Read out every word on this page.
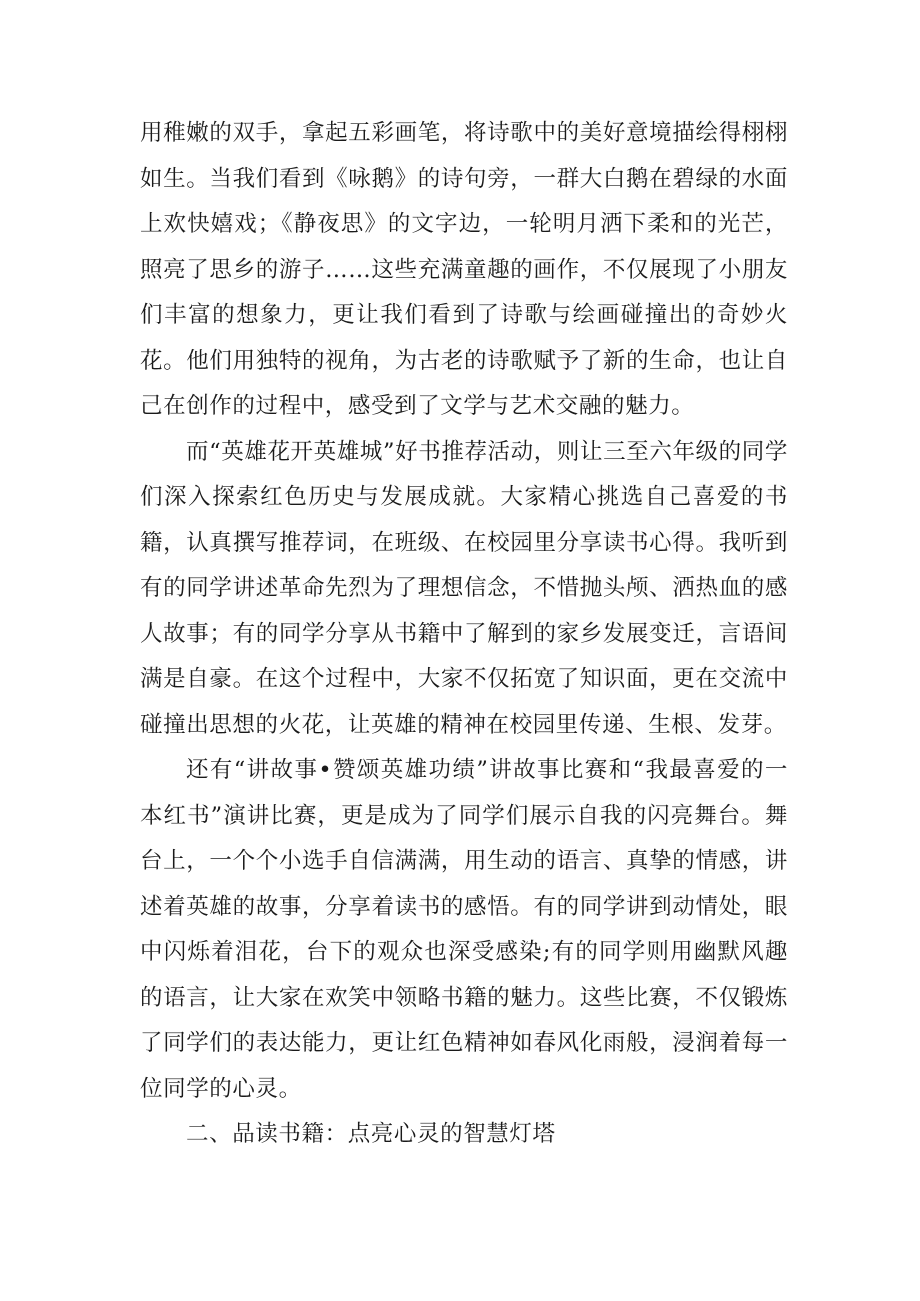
用稚嫩的双手，拿起五彩画笔，将诗歌中的美好意境描绘得栩栩如生。当我们看到《咏鹅》的诗句旁，一群大白鹅在碧绿的水面上欢快嬉戏；《静夜思》的文字边，一轮明月洒下柔和的光芒，照亮了思乡的游子……这些充满童趣的画作，不仅展现了小朋友们丰富的想象力，更让我们看到了诗歌与绘画碰撞出的奇妙火花。他们用独特的视角，为古老的诗歌赋予了新的生命，也让自己在创作的过程中，感受到了文学与艺术交融的魅力。

而“英雄花开英雄城”好书推荐活动，则让三至六年级的同学们深入探索红色历史与发展成就。大家精心挑选自己喜爱的书籍，认真撰写推荐词，在班级、在校园里分享读书心得。我听到有的同学讲述革命先烈为了理想信念，不惜抛头颅、洒热血的感人故事；有的同学分享从书籍中了解到的家乡发展变迁，言语间满是自豪。在这个过程中，大家不仅拓宽了知识面，更在交流中碰撞出思想的火花，让英雄的精神在校园里传递、生根、发芽。

还有“讲故事•赞颂英雄功绩”讲故事比赛和“我最喜爱的一本红书”演讲比赛，更是成为了同学们展示自我的闪亮舞台。舞台上，一个个小选手自信满满，用生动的语言、真挚的情感，讲述着英雄的故事，分享着读书的感悟。有的同学讲到动情处，眼中闪烁着泪花，台下的观众也深受感染;有的同学则用幽默风趣的语言，让大家在欢笑中领略书籍的魅力。这些比赛，不仅锻炼了同学们的表达能力，更让红色精神如春风化雨般，浸润着每一位同学的心灵。

二、品读书籍：点亮心灵的智慧灯塔
